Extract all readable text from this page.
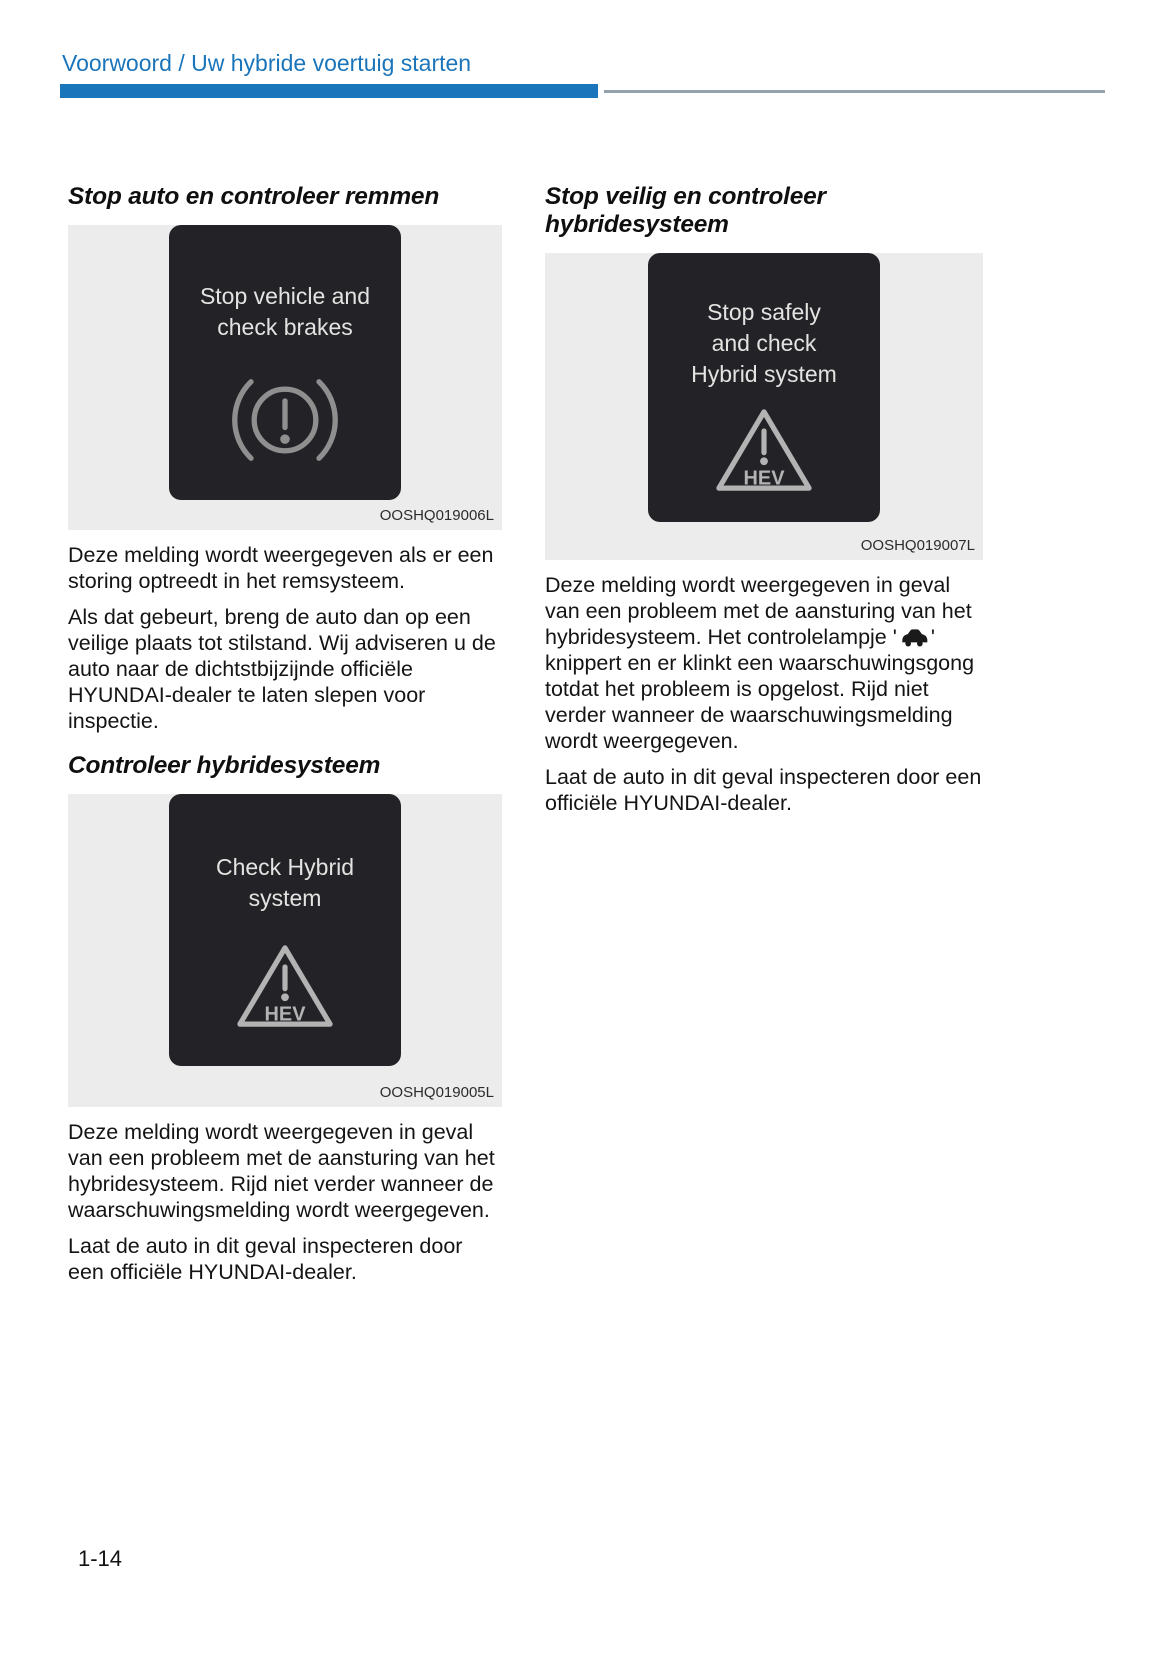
Voorwoord / Uw hybride voertuig starten
Stop auto en controleer remmen
Stop vehicle and
check brakes
OOSHQ019006L

Deze melding wordt weergegeven als er een storing optreedt in het remsysteem.

Als dat gebeurt, breng de auto dan op een veilige plaats tot stilstand. Wij adviseren u de auto naar de dichtstbijzijnde officiële HYUNDAI-dealer te laten slepen voor inspectie.

Controleer hybridesysteem
Check Hybrid
system
HEV
OOSHQ019005L

Deze melding wordt weergegeven in geval van een probleem met de aansturing van het hybridesysteem. Rijd niet verder wanneer de waarschuwingsmelding wordt weergegeven.

Laat de auto in dit geval inspecteren door een officiële HYUNDAI-dealer.

Stop veilig en controleer hybridesysteem
Stop safely
and check
Hybrid system
HEV
OOSHQ019007L

Deze melding wordt weergegeven in geval van een probleem met de aansturing van het hybridesysteem. Het controlelampje ' ' knippert en er klinkt een waarschuwingsgong totdat het probleem is opgelost. Rijd niet verder wanneer de waarschuwingsmelding wordt weergegeven.

Laat de auto in dit geval inspecteren door een officiële HYUNDAI-dealer.

1-14
